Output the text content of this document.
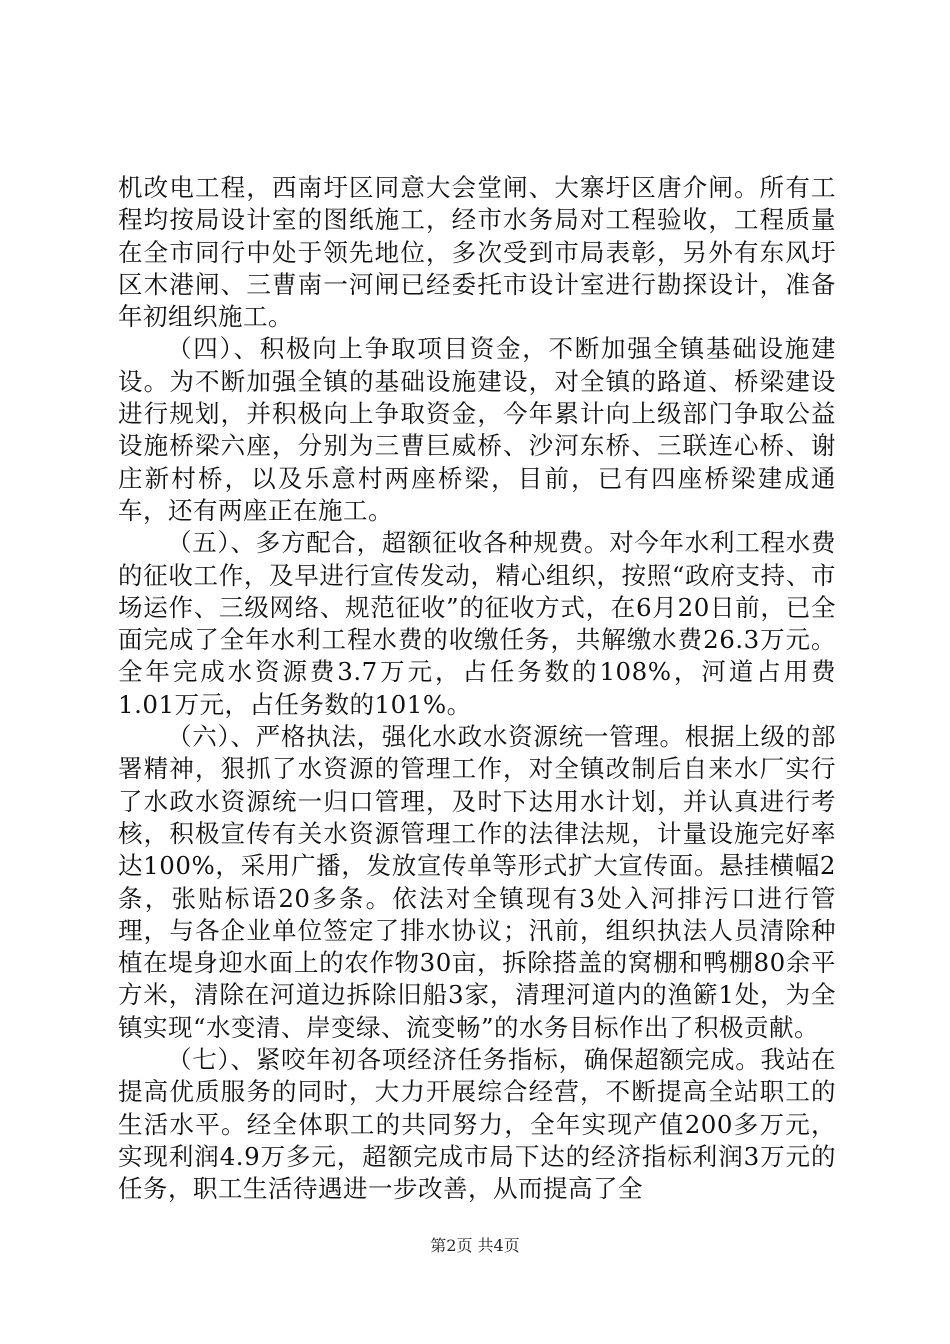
机改电工程，西南圩区同意大会堂闸、大寨圩区唐介闸。所有工程均按局设计室的图纸施工，经市水务局对工程验收，工程质量在全市同行中处于领先地位，多次受到市局表彰，另外有东风圩区木港闸、三曹南一河闸已经委托市设计室进行勘探设计，准备年初组织施工。

（四）、积极向上争取项目资金，不断加强全镇基础设施建设。为不断加强全镇的基础设施建设，对全镇的路道、桥梁建设进行规划，并积极向上争取资金，今年累计向上级部门争取公益设施桥梁六座，分别为三曹巨威桥、沙河东桥、三联连心桥、谢庄新村桥，以及乐意村两座桥梁，目前，已有四座桥梁建成通车，还有两座正在施工。

（五）、多方配合，超额征收各种规费。对今年水利工程水费的征收工作，及早进行宣传发动，精心组织，按照“政府支持、市场运作、三级网络、规范征收”的征收方式，在6月20日前，已全面完成了全年水利工程水费的收缴任务，共解缴水费26.3万元。全年完成水资源费3.7万元，占任务数的108%，河道占用费1.01万元，占任务数的101%。

（六）、严格执法，强化水政水资源统一管理。根据上级的部署精神，狠抓了水资源的管理工作，对全镇改制后自来水厂实行了水政水资源统一归口管理，及时下达用水计划，并认真进行考核，积极宣传有关水资源管理工作的法律法规，计量设施完好率达100%，采用广播，发放宣传单等形式扩大宣传面。悬挂横幅2条，张贴标语20多条。依法对全镇现有3处入河排污口进行管理，与各企业单位签定了排水协议；汛前，组织执法人员清除种植在堤身迎水面上的农作物30亩，拆除搭盖的窝棚和鸭棚80余平方米，清除在河道边拆除旧船3家，清理河道内的渔簖1处，为全镇实现“水变清、岸变绿、流变畅”的水务目标作出了积极贡献。

（七）、紧咬年初各项经济任务指标，确保超额完成。我站在提高优质服务的同时，大力开展综合经营，不断提高全站职工的生活水平。经全体职工的共同努力，全年实现产值200多万元，实现利润4.9万多元，超额完成市局下达的经济指标利润3万元的任务，职工生活待遇进一步改善，从而提高了全

第2页 共4页
